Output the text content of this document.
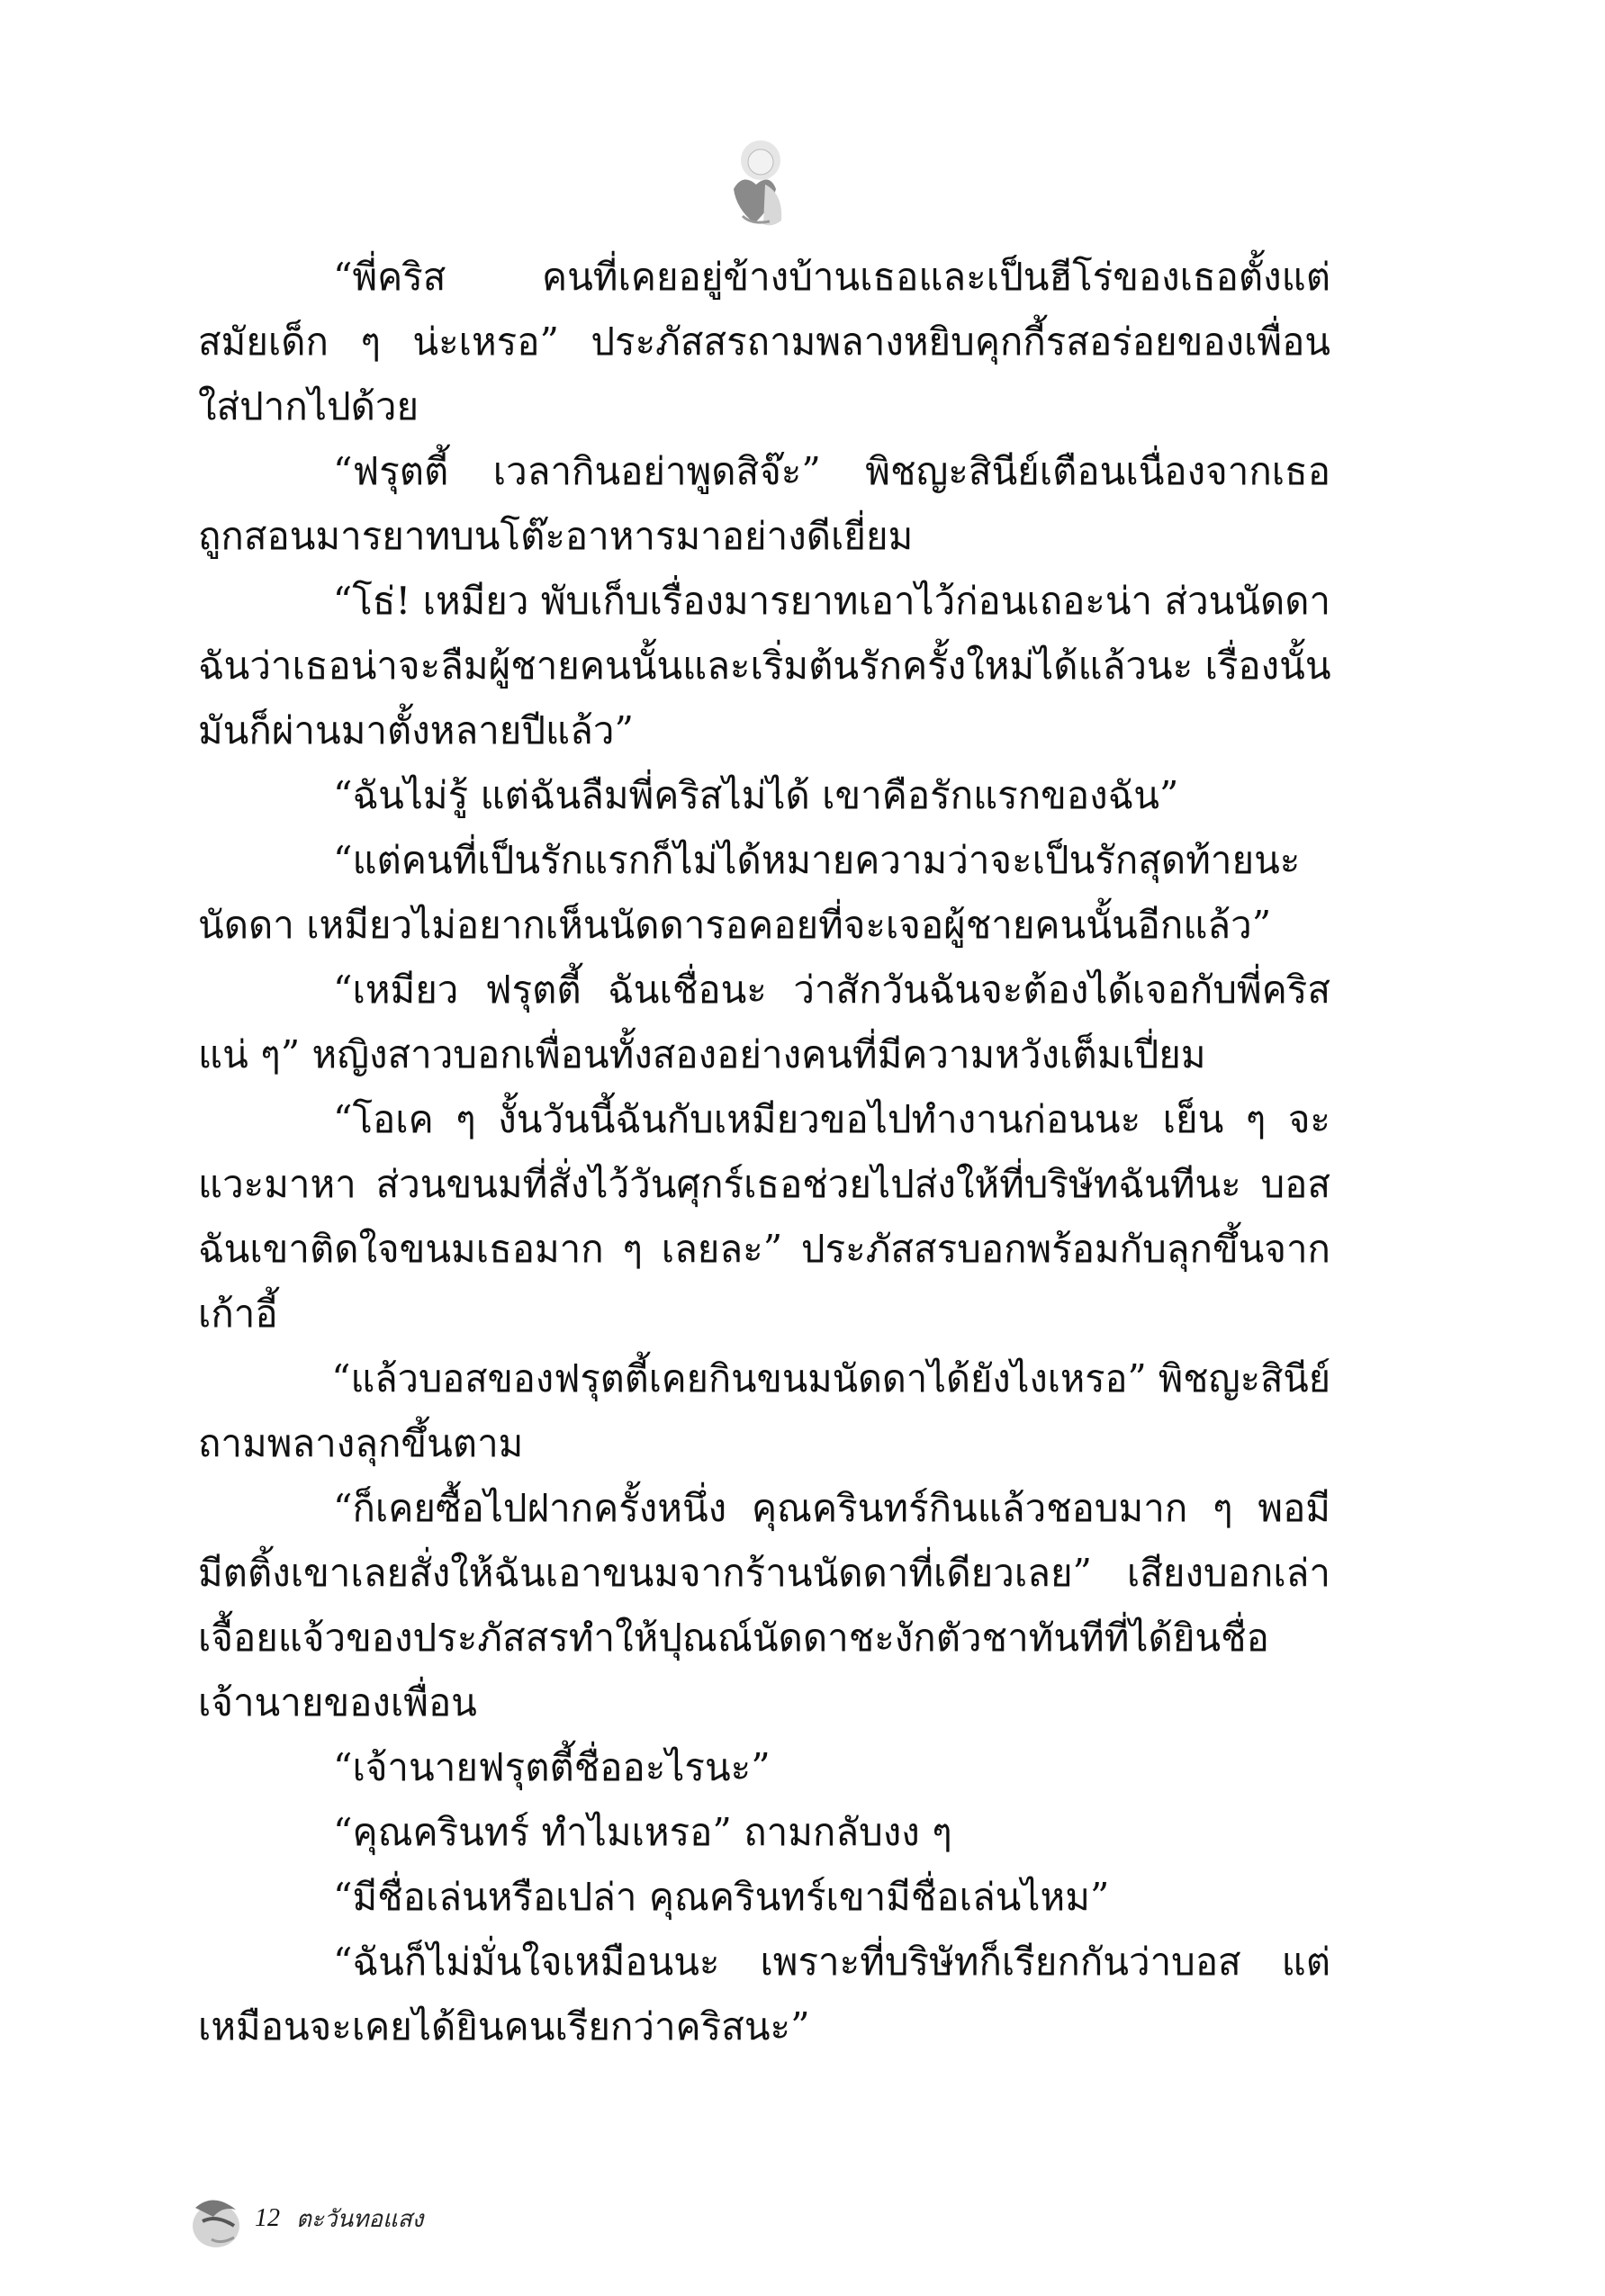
“พี่คริส คนที่เคยอยู่ข้างบ้านเธอและเป็นฮีโร่ของเธอตั้งแต่
สมัยเด็ก ๆ น่ะเหรอ” ประภัสสรถามพลางหยิบคุกกี้รสอร่อยของเพื่อน
ใส่ปากไปด้วย
“ฟรุตตี้ เวลากินอย่าพูดสิจ๊ะ” พิชญะสินีย์เตือนเนื่องจากเธอ
ถูกสอนมารยาทบนโต๊ะอาหารมาอย่างดีเยี่ยม
“โธ่! เหมียว พับเก็บเรื่องมารยาทเอาไว้ก่อนเถอะน่า ส่วนนัดดา
ฉันว่าเธอน่าจะลืมผู้ชายคนนั้นและเริ่มต้นรักครั้งใหม่ได้แล้วนะ เรื่องนั้น
มันก็ผ่านมาตั้งหลายปีแล้ว”
“ฉันไม่รู้ แต่ฉันลืมพี่คริสไม่ได้ เขาคือรักแรกของฉัน”
“แต่คนที่เป็นรักแรกก็ไม่ได้หมายความว่าจะเป็นรักสุดท้ายนะ
นัดดา เหมียวไม่อยากเห็นนัดดารอคอยที่จะเจอผู้ชายคนนั้นอีกแล้ว”
“เหมียว ฟรุตตี้ ฉันเชื่อนะ ว่าสักวันฉันจะต้องได้เจอกับพี่คริส
แน่ ๆ” หญิงสาวบอกเพื่อนทั้งสองอย่างคนที่มีความหวังเต็มเปี่ยม
“โอเค ๆ งั้นวันนี้ฉันกับเหมียวขอไปทำงานก่อนนะ เย็น ๆ จะ
แวะมาหา ส่วนขนมที่สั่งไว้วันศุกร์เธอช่วยไปส่งให้ที่บริษัทฉันทีนะ บอส
ฉันเขาติดใจขนมเธอมาก ๆ เลยละ” ประภัสสรบอกพร้อมกับลุกขึ้นจาก
เก้าอี้
“แล้วบอสของฟรุตตี้เคยกินขนมนัดดาได้ยังไงเหรอ” พิชญะสินีย์
ถามพลางลุกขึ้นตาม
“ก็เคยซื้อไปฝากครั้งหนึ่ง คุณครินทร์กินแล้วชอบมาก ๆ พอมี
มีตติ้งเขาเลยสั่งให้ฉันเอาขนมจากร้านนัดดาที่เดียวเลย” เสียงบอกเล่า
เจื้อยแจ้วของประภัสสรทำให้ปุณณ์นัดดาชะงักตัวชาทันทีที่ได้ยินชื่อ
เจ้านายของเพื่อน
“เจ้านายฟรุตตี้ชื่ออะไรนะ”
“คุณครินทร์ ทำไมเหรอ” ถามกลับงง ๆ
“มีชื่อเล่นหรือเปล่า คุณครินทร์เขามีชื่อเล่นไหม”
“ฉันก็ไม่มั่นใจเหมือนนะ เพราะที่บริษัทก็เรียกกันว่าบอส แต่
เหมือนจะเคยได้ยินคนเรียกว่าคริสนะ”
12 ตะวันทอแสง
